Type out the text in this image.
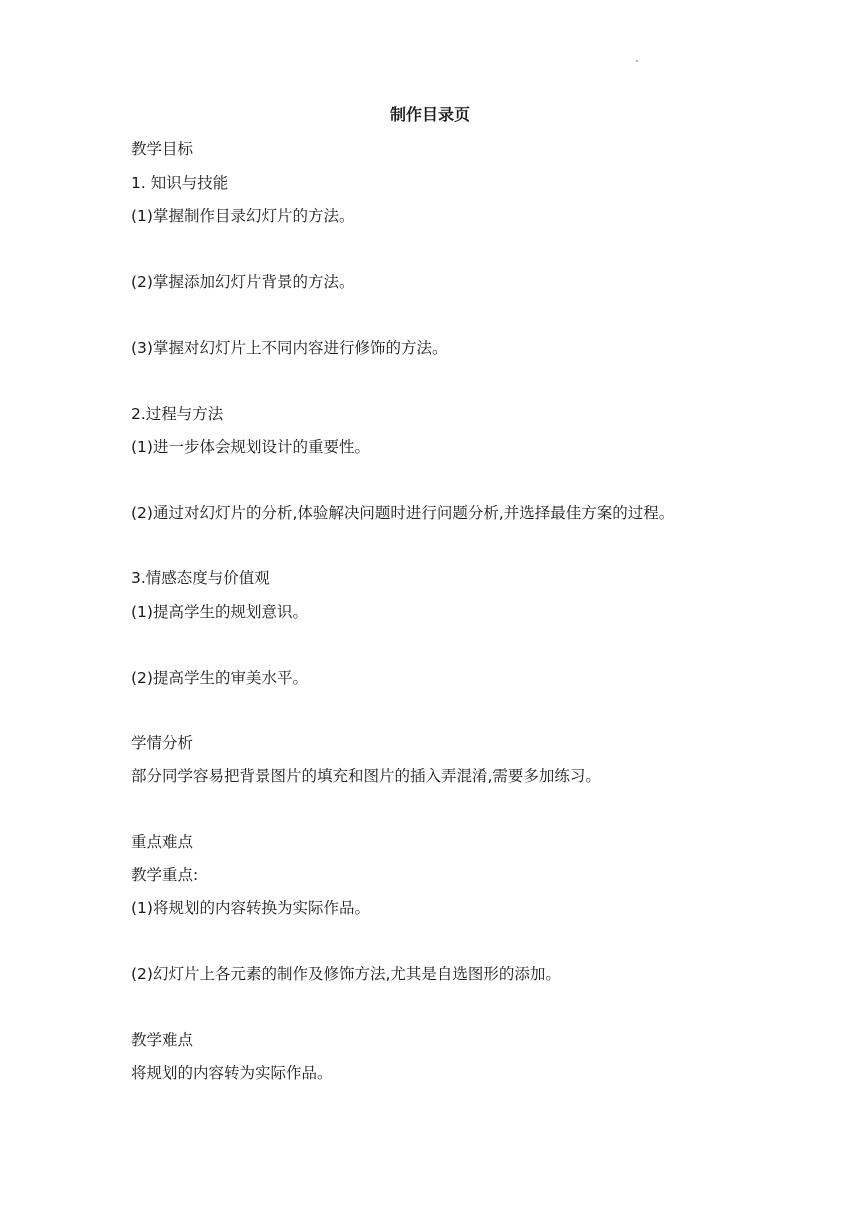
制作目录页
教学目标
1. 知识与技能
(1)掌握制作目录幻灯片的方法。
(2)掌握添加幻灯片背景的方法。
(3)掌握对幻灯片上不同内容进行修饰的方法。
2.过程与方法
(1)进一步体会规划设计的重要性。
(2)通过对幻灯片的分析,体验解决问题时进行问题分析,并选择最佳方案的过程。
3.情感态度与价值观
(1)提高学生的规划意识。
(2)提高学生的审美水平。
学情分析
部分同学容易把背景图片的填充和图片的插入弄混淆,需要多加练习。
重点难点
教学重点:
(1)将规划的内容转换为实际作品。
(2)幻灯片上各元素的制作及修饰方法,尤其是自选图形的添加。
教学难点
将规划的内容转为实际作品。
